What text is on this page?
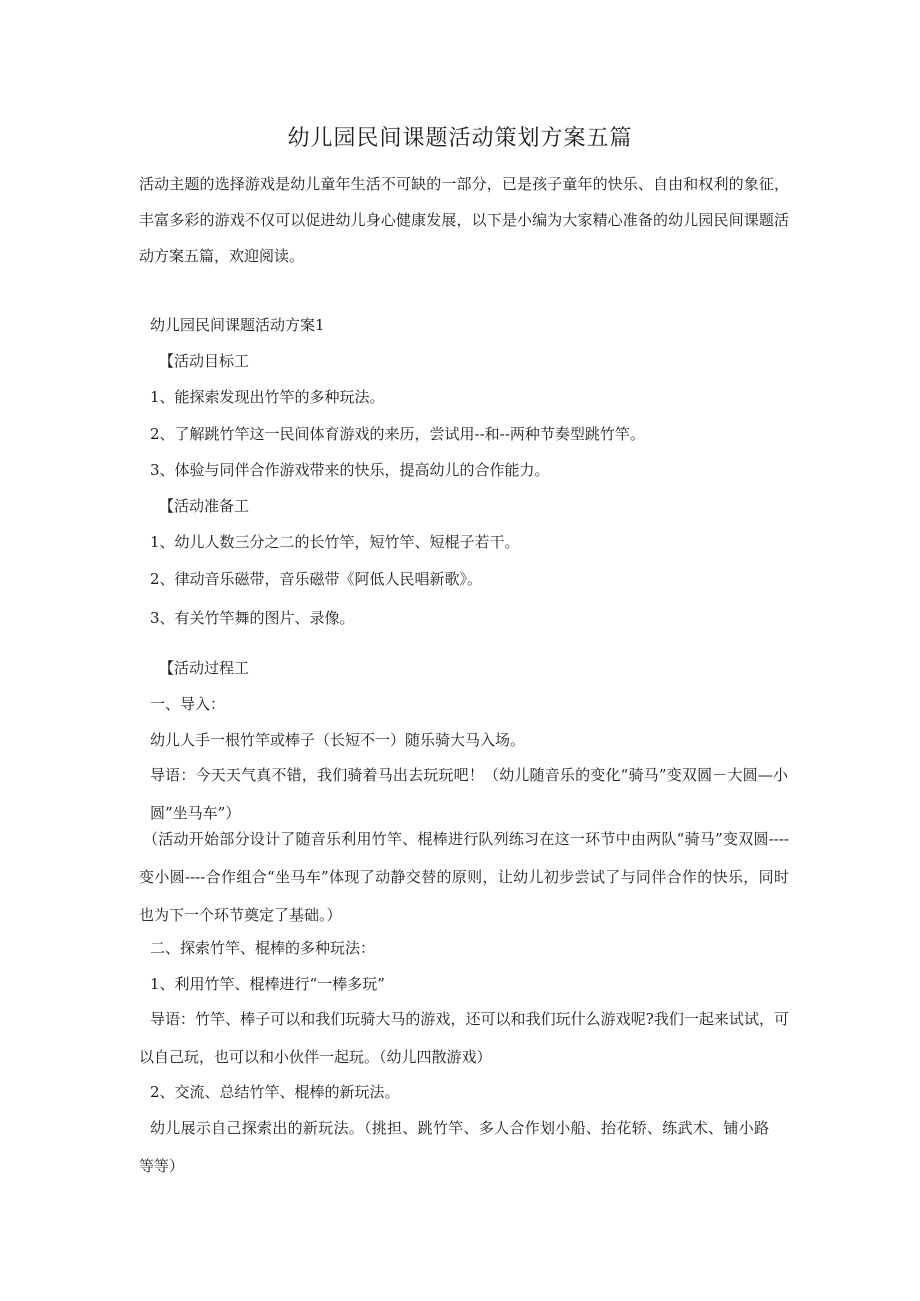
幼儿园民间课题活动策划方案五篇
活动主题的选择游戏是幼儿童年生活不可缺的一部分，已是孩子童年的快乐、自由和权利的象征，丰富多彩的游戏不仅可以促进幼儿身心健康发展，以下是小编为大家精心准备的幼儿园民间课题活动方案五篇，欢迎阅读。
幼儿园民间课题活动方案1
【活动目标工
1、能探索发现出竹竿的多种玩法。
2、了解跳竹竿这一民间体育游戏的来历，尝试用--和--两种节奏型跳竹竿。
3、体验与同伴合作游戏带来的快乐，提高幼儿的合作能力。
【活动准备工
1、幼儿人数三分之二的长竹竿，短竹竿、短棍子若干。
2、律动音乐磁带，音乐磁带《阿低人民唱新歌》。
3、有关竹竿舞的图片、录像。
【活动过程工
一、导入：
幼儿人手一根竹竿或棒子（长短不一）随乐骑大马入场。
导语：今天天气真不错，我们骑着马出去玩玩吧！（幼儿随音乐的变化“骑马”变双圆－大圆—小圆”坐马车”）
（活动开始部分设计了随音乐利用竹竿、棍棒进行队列练习在这一环节中由两队“骑马”变双圆----变小圆----合作组合“坐马车”体现了动静交替的原则，让幼儿初步尝试了与同伴合作的快乐，同时也为下一个环节奠定了基础。）
二、探索竹竿、棍棒的多种玩法：
1、利用竹竿、棍棒进行“一棒多玩”
导语：竹竿、棒子可以和我们玩骑大马的游戏，还可以和我们玩什么游戏呢?我们一起来试试，可以自己玩，也可以和小伙伴一起玩。（幼儿四散游戏）
2、交流、总结竹竿、棍棒的新玩法。
幼儿展示自己探索出的新玩法。（挑担、跳竹竿、多人合作划小船、抬花轿、练武术、铺小路等等）
